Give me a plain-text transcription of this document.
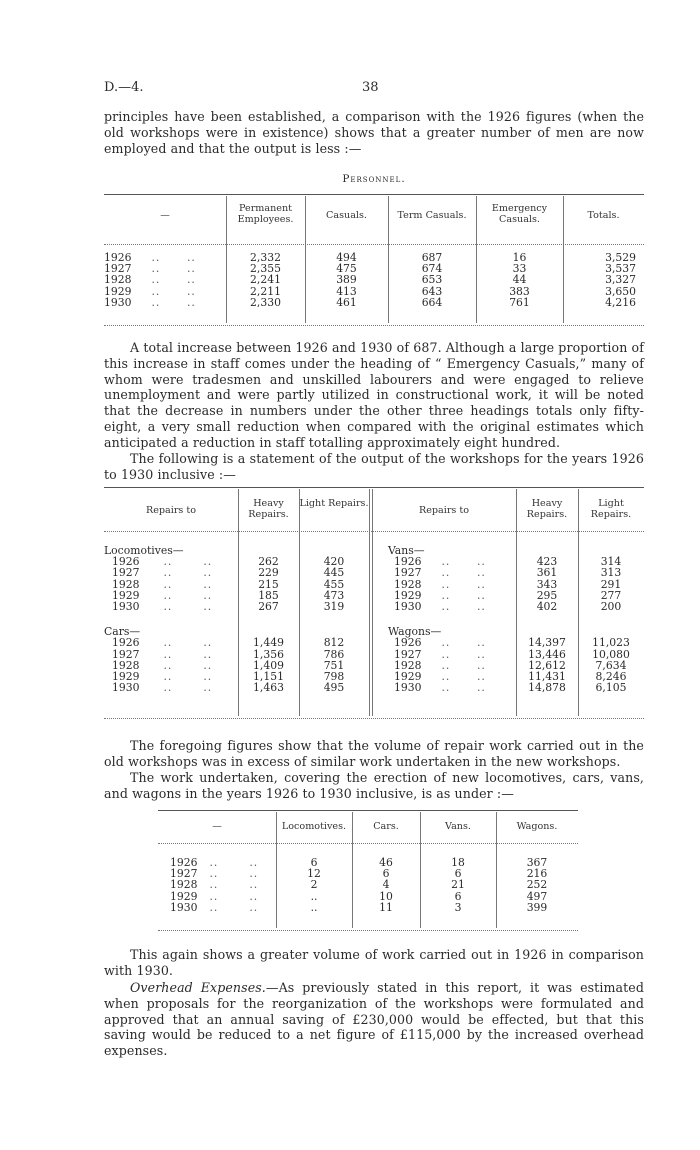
D.—4.	38

principles have been established, a comparison with the 1926 figures (when the old workshops were in existence) shows that a greater number of men are now employed and that the output is less :—

Personnel.
—
Permanent Employees.	Casuals.	Term Casuals.
Emergency Casuals.	Totals.
1926 ..      ..	2,332	494	687	16	3,529
1927 ..      ..	2,355	475	674	33	3,537
1928 ..      ..	2,241	389	653	44	3,327
1929 ..      ..	2,211	413	643	383	3,650
1930 ..      ..	2,330	461	664	761	4,216

A total increase between 1926 and 1930 of 687. Although a large proportion of this increase in staff comes under the heading of “ Emergency Casuals,” many of whom were tradesmen and unskilled labourers and were engaged to relieve unemployment and were partly utilized in constructional work, it will be noted that the decrease in numbers under the other three headings totals only fifty-eight, a very small reduction when compared with the original estimates which anticipated a reduction in staff totalling approximately eight hundred.

The following is a statement of the output of the workshops for the years 1926 to 1930 inclusive :—

Repairs to
Heavy Repairs.
Light Repairs.
Repairs to
Heavy Repairs.
Light Repairs.
Locomotives—		
1926 ..       ..	262	420
1927 ..       ..	229	445
1928 ..       ..	215	455
1929 ..       ..	185	473
1930 ..       ..	267	319

Cars—		
1926 ..       ..	1,449	812
1927 ..       ..	1,356	786
1928 ..       ..	1,409	751
1929 ..       ..	1,151	798
1930 ..       ..	1,463	495
Vans—		
1926 ..      ..	423	314
1927 ..      ..	361	313
1928 ..      ..	343	291
1929 ..      ..	295	277
1930 ..      ..	402	200

Wagons—		
1926 ..      ..	14,397	11,023
1927 ..      ..	13,446	10,080
1928 ..      ..	12,612	7,634
1929 ..      ..	11,431	8,246
1930 ..      ..	14,878	6,105

The foregoing figures show that the volume of repair work carried out in the old workshops was in excess of similar work undertaken in the new workshops.

The work undertaken, covering the erection of new locomotives, cars, vans, and wagons in the years 1926 to 1930 inclusive, is as under :—

—	Locomotives.	Cars.	Vans.	Wagons.
1926 ..       ..	6	46	18	367
1927 ..       ..	12	6	6	216
1928 ..       ..	2	4	21	252
1929 ..       ..	..	10	6	497
1930 ..       ..	..	11	3	399

This again shows a greater volume of work carried out in 1926 in comparison with 1930.

Overhead Expenses.—As previously stated in this report, it was estimated when proposals for the reorganization of the workshops were formulated and approved that an annual saving of £230,000 would be effected, but that this saving would be reduced to a net figure of £115,000 by the increased overhead expenses.
